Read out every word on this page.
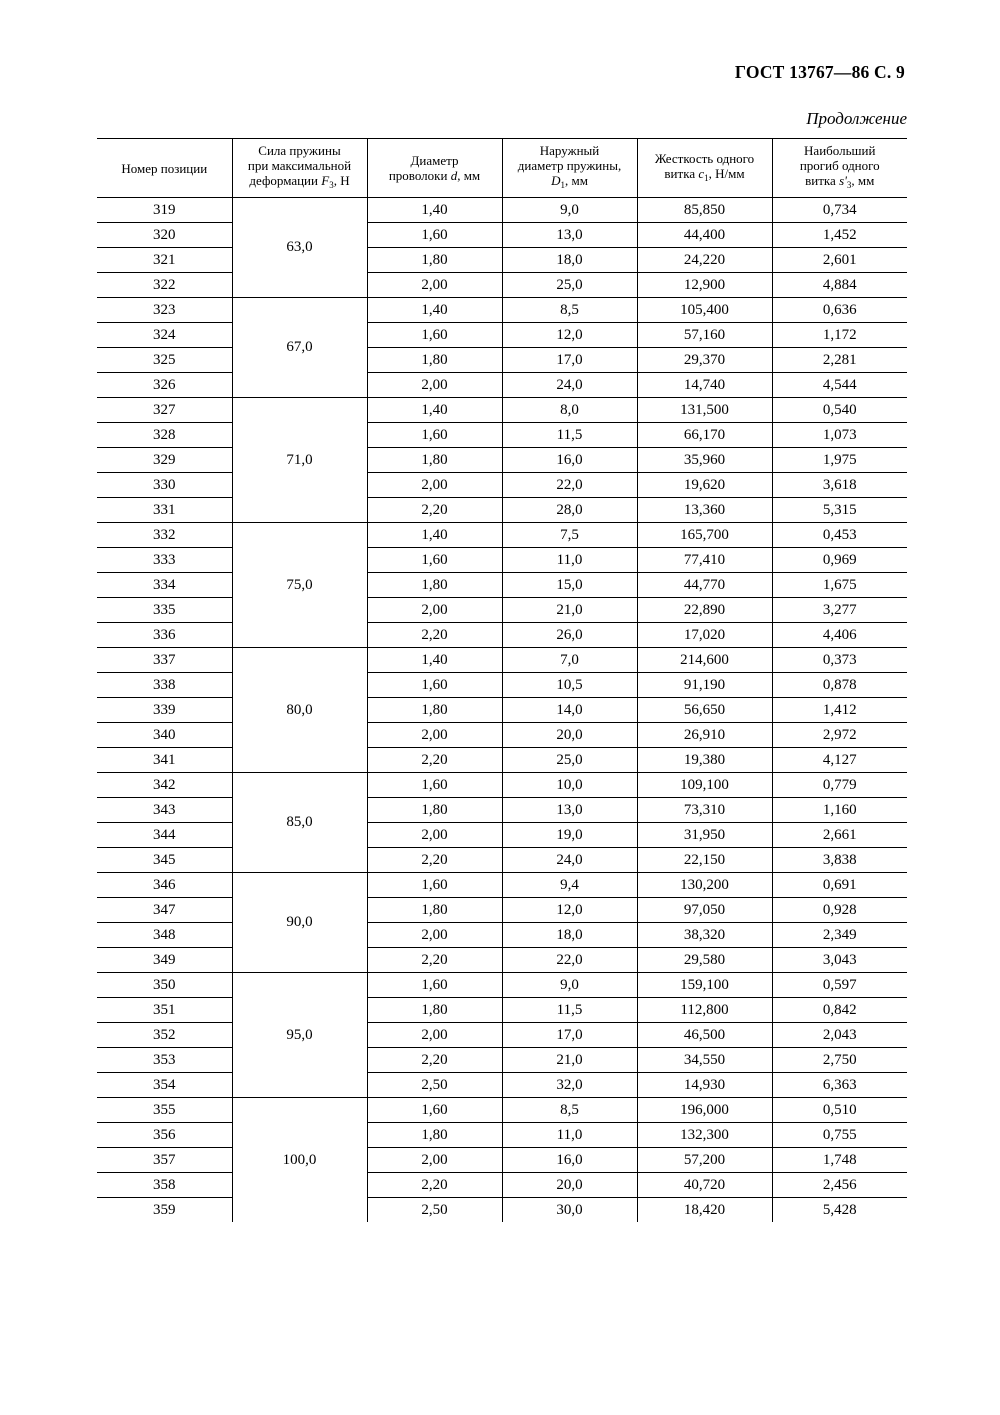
ГОСТ 13767—86 С. 9
Продолжение
Номер позиции	Сила пружины
при максимальной
деформации $F_3$, Н	Диаметр
проволоки d, мм	Наружный
диаметр пружины,
$D_1$, мм	Жесткость одного
витка $c_1$, Н/мм	Наибольший
прогиб одного
витка $s'_3$, мм
319	63,0	1,40	9,0	85,850	0,734
320		1,60	13,0	44,400	1,452
321		1,80	18,0	24,220	2,601
322		2,00	25,0	12,900	4,884
323	67,0	1,40	8,5	105,400	0,636
324		1,60	12,0	57,160	1,172
325		1,80	17,0	29,370	2,281
326		2,00	24,0	14,740	4,544
327	71,0	1,40	8,0	131,500	0,540
328		1,60	11,5	66,170	1,073
329		1,80	16,0	35,960	1,975
330		2,00	22,0	19,620	3,618
331		2,20	28,0	13,360	5,315
332	75,0	1,40	7,5	165,700	0,453
333		1,60	11,0	77,410	0,969
334		1,80	15,0	44,770	1,675
335		2,00	21,0	22,890	3,277
336		2,20	26,0	17,020	4,406
337	80,0	1,40	7,0	214,600	0,373
338		1,60	10,5	91,190	0,878
339		1,80	14,0	56,650	1,412
340		2,00	20,0	26,910	2,972
341		2,20	25,0	19,380	4,127
342	85,0	1,60	10,0	109,100	0,779
343		1,80	13,0	73,310	1,160
344		2,00	19,0	31,950	2,661
345		2,20	24,0	22,150	3,838
346	90,0	1,60	9,4	130,200	0,691
347		1,80	12,0	97,050	0,928
348		2,00	18,0	38,320	2,349
349		2,20	22,0	29,580	3,043
350	95,0	1,60	9,0	159,100	0,597
351		1,80	11,5	112,800	0,842
352		2,00	17,0	46,500	2,043
353		2,20	21,0	34,550	2,750
354		2,50	32,0	14,930	6,363
355	100,0	1,60	8,5	196,000	0,510
356		1,80	11,0	132,300	0,755
357		2,00	16,0	57,200	1,748
358		2,20	20,0	40,720	2,456
359		2,50	30,0	18,420	5,428
